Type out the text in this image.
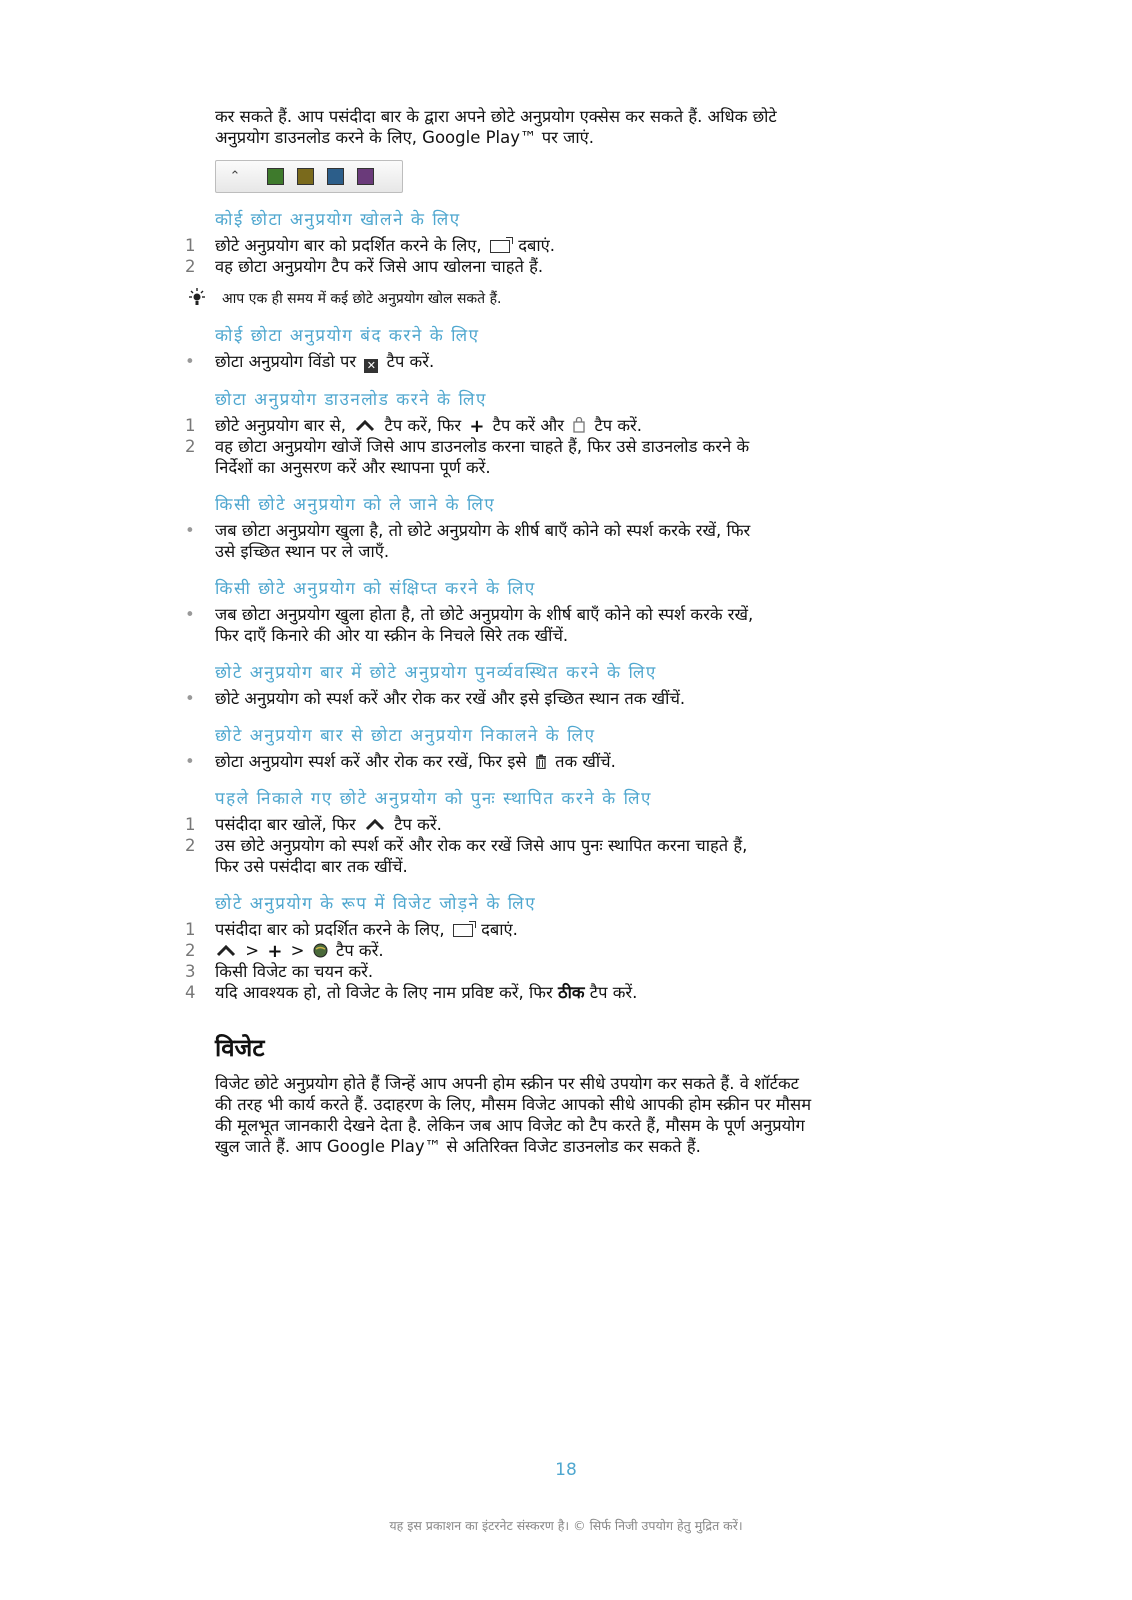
कर सकते हैं. आप पसंदीदा बार के द्वारा अपने छोटे अनुप्रयोग एक्सेस कर सकते हैं. अधिक छोटे

अनुप्रयोग डाउनलोड करने के लिए, Google Play™ पर जाएं.

⌃
कोई छोटा अनुप्रयोग खोलने के लिए
1 छोटे अनुप्रयोग बार को प्रदर्शित करने के लिए, दबाएं.
2 वह छोटा अनुप्रयोग टैप करें जिसे आप खोलना चाहते हैं.
आप एक ही समय में कई छोटे अनुप्रयोग खोल सकते हैं.
कोई छोटा अनुप्रयोग बंद करने के लिए
• छोटा अनुप्रयोग विंडो पर ✕ टैप करें.
छोटा अनुप्रयोग डाउनलोड करने के लिए
1 छोटे अनुप्रयोग बार से, टैप करें, फिर + टैप करें और टैप करें.
2 वह छोटा अनुप्रयोग खोजें जिसे आप डाउनलोड करना चाहते हैं, फिर उसे डाउनलोड करने के
निर्देशों का अनुसरण करें और स्थापना पूर्ण करें.
किसी छोटे अनुप्रयोग को ले जाने के लिए
• जब छोटा अनुप्रयोग खुला है, तो छोटे अनुप्रयोग के शीर्ष बाएँ कोने को स्पर्श करके रखें, फिर
उसे इच्छित स्थान पर ले जाएँ.
किसी छोटे अनुप्रयोग को संक्षिप्त करने के लिए
• जब छोटा अनुप्रयोग खुला होता है, तो छोटे अनुप्रयोग के शीर्ष बाएँ कोने को स्पर्श करके रखें,
फिर दाएँ किनारे की ओर या स्क्रीन के निचले सिरे तक खींचें.
छोटे अनुप्रयोग बार में छोटे अनुप्रयोग पुनर्व्यवस्थित करने के लिए
• छोटे अनुप्रयोग को स्पर्श करें और रोक कर रखें और इसे इच्छित स्थान तक खींचें.
छोटे अनुप्रयोग बार से छोटा अनुप्रयोग निकालने के लिए
• छोटा अनुप्रयोग स्पर्श करें और रोक कर रखें, फिर इसे तक खींचें.
पहले निकाले गए छोटे अनुप्रयोग को पुनः स्थापित करने के लिए
1 पसंदीदा बार खोलें, फिर टैप करें.
2 उस छोटे अनुप्रयोग को स्पर्श करें और रोक कर रखें जिसे आप पुनः स्थापित करना चाहते हैं,
फिर उसे पसंदीदा बार तक खींचें.
छोटे अनुप्रयोग के रूप में विजेट जोड़ने के लिए
1 पसंदीदा बार को प्रदर्शित करने के लिए, दबाएं.
2	> + > टैप करें.
3 किसी विजेट का चयन करें.
4 यदि आवश्यक हो, तो विजेट के लिए नाम प्रविष्ट करें, फिर ठीक टैप करें.
विजेट

विजेट छोटे अनुप्रयोग होते हैं जिन्हें आप अपनी होम स्क्रीन पर सीधे उपयोग कर सकते हैं. वे शॉर्टकट

की तरह भी कार्य करते हैं. उदाहरण के लिए, मौसम विजेट आपको सीधे आपकी होम स्क्रीन पर मौसम

की मूलभूत जानकारी देखने देता है. लेकिन जब आप विजेट को टैप करते हैं, मौसम के पूर्ण अनुप्रयोग

खुल जाते हैं. आप Google Play™ से अतिरिक्त विजेट डाउनलोड कर सकते हैं.

18
यह इस प्रकाशन का इंटरनेट संस्करण है। © सिर्फ निजी उपयोग हेतु मुद्रित करें।
